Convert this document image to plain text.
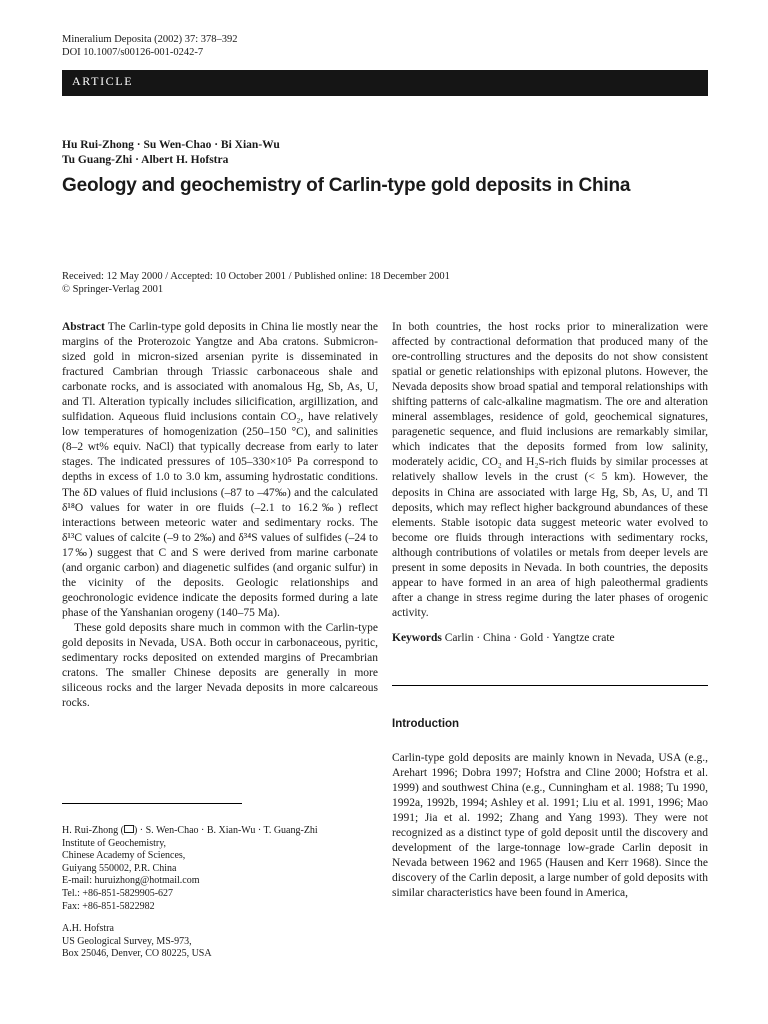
Mineralium Deposita (2002) 37: 378–392
DOI 10.1007/s00126-001-0242-7
ARTICLE
Hu Rui-Zhong · Su Wen-Chao · Bi Xian-Wu
Tu Guang-Zhi · Albert H. Hofstra
Geology and geochemistry of Carlin-type gold deposits in China
Received: 12 May 2000 / Accepted: 10 October 2001 / Published online: 18 December 2001
© Springer-Verlag 2001

Abstract The Carlin-type gold deposits in China lie mostly near the margins of the Proterozoic Yangtze and Aba cratons. Submicron-sized gold in micron-sized arsenian pyrite is disseminated in fractured Cambrian through Triassic carbonaceous shale and carbonate rocks, and is associated with anomalous Hg, Sb, As, U, and Tl. Alteration typically includes silicification, argillization, and sulfidation. Aqueous fluid inclusions contain CO₂, have relatively low temperatures of homogenization (250–150 °C), and salinities (8–2 wt% equiv. NaCl) that typically decrease from early to later stages. The indicated pressures of 105–330×10⁵ Pa correspond to depths in excess of 1.0 to 3.0 km, assuming hydrostatic conditions. The δD values of fluid inclusions (–87 to –47‰) and the calculated δ¹⁸O values for water in ore fluids (–2.1 to 16.2‰) reflect interactions between meteoric water and sedimentary rocks. The δ¹³C values of calcite (–9 to 2‰) and δ³⁴S values of sulfides (–24 to 17‰) suggest that C and S were derived from marine carbonate (and organic carbon) and diagenetic sulfides (and organic sulfur) in the vicinity of the deposits. Geologic relationships and geochronologic evidence indicate the deposits formed during a late phase of the Yanshanian orogeny (140–75 Ma).

These gold deposits share much in common with the Carlin-type gold deposits in Nevada, USA. Both occur in carbonaceous, pyritic, sedimentary rocks deposited on extended margins of Precambrian cratons. The smaller Chinese deposits are generally in more siliceous rocks and the larger Nevada deposits in more calcareous rocks.

In both countries, the host rocks prior to mineralization were affected by contractional deformation that produced many of the ore-controlling structures and the deposits do not show consistent spatial or genetic relationships with epizonal plutons. However, the Nevada deposits show broad spatial and temporal relationships with shifting patterns of calc-alkaline magmatism. The ore and alteration mineral assemblages, residence of gold, geochemical signatures, paragenetic sequence, and fluid inclusions are remarkably similar, which indicates that the deposits formed from low salinity, moderately acidic, CO₂ and H₂S-rich fluids by similar processes at relatively shallow levels in the crust (< 5 km). However, the deposits in China are associated with large Hg, Sb, As, U, and Tl deposits, which may reflect higher background abundances of these elements. Stable isotopic data suggest meteoric water evolved to become ore fluids through interactions with sedimentary rocks, although contributions of volatiles or metals from deeper levels are present in some deposits in Nevada. In both countries, the deposits appear to have formed in an area of high paleothermal gradients after a change in stress regime during the later phases of orogenic activity.

Keywords Carlin · China · Gold · Yangtze crate

Introduction
Carlin-type gold deposits are mainly known in Nevada, USA (e.g., Arehart 1996; Dobra 1997; Hofstra and Cline 2000; Hofstra et al. 1999) and southwest China (e.g., Cunningham et al. 1988; Tu 1990, 1992a, 1992b, 1994; Ashley et al. 1991; Liu et al. 1991, 1996; Mao 1991; Jia et al. 1992; Zhang and Yang 1993). They were not recognized as a distinct type of gold deposit until the discovery and development of the large-tonnage low-grade Carlin deposit in Nevada between 1962 and 1965 (Hausen and Kerr 1968). Since the discovery of the Carlin deposit, a large number of gold deposits with similar characteristics have been found in America,

H. Rui-Zhong ( ) · S. Wen-Chao · B. Xian-Wu · T. Guang-Zhi

Institute of Geochemistry,

Chinese Academy of Sciences,

Guiyang 550002, P.R. China

E-mail: huruizhong@hotmail.com

Tel.: +86-851-5829905-627

Fax: +86-851-5822982

A.H. Hofstra

US Geological Survey, MS-973,

Box 25046, Denver, CO 80225, USA
